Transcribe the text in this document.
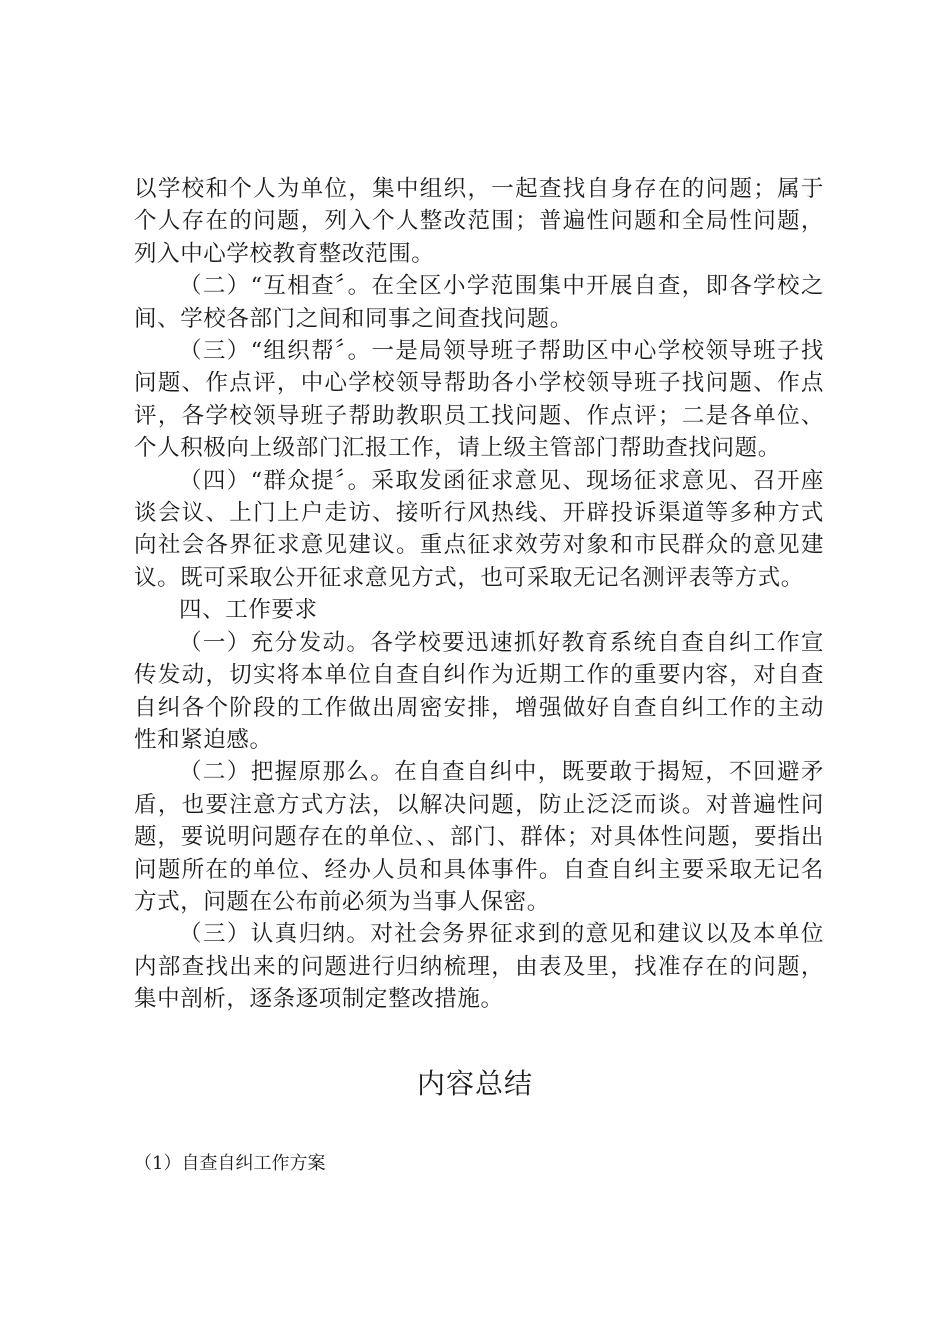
以学校和个人为单位，集中组织，一起查找自身存在的问题；属于个人存在的问题，列入个人整改范围；普遍性问题和全局性问题，列入中心学校教育整改范围。

（二）“互相查〞。在全区小学范围集中开展自查，即各学校之间、学校各部门之间和同事之间查找问题。

（三）“组织帮〞。一是局领导班子帮助区中心学校领导班子找问题、作点评，中心学校领导帮助各小学校领导班子找问题、作点评，各学校领导班子帮助教职员工找问题、作点评；二是各单位、个人积极向上级部门汇报工作，请上级主管部门帮助查找问题。

（四）“群众提〞。采取发函征求意见、现场征求意见、召开座谈会议、上门上户走访、接听行风热线、开辟投诉渠道等多种方式向社会各界征求意见建议。重点征求效劳对象和市民群众的意见建议。既可采取公开征求意见方式，也可采取无记名测评表等方式。

四、工作要求

（一）充分发动。各学校要迅速抓好教育系统自查自纠工作宣传发动，切实将本单位自查自纠作为近期工作的重要内容，对自查自纠各个阶段的工作做出周密安排，增强做好自查自纠工作的主动性和紧迫感。

（二）把握原那么。在自查自纠中，既要敢于揭短，不回避矛盾，也要注意方式方法，以解决问题，防止泛泛而谈。对普遍性问题，要说明问题存在的单位、、部门、群体；对具体性问题，要指出问题所在的单位、经办人员和具体事件。自查自纠主要采取无记名方式，问题在公布前必须为当事人保密。

（三）认真归纳。对社会务界征求到的意见和建议以及本单位内部查找出来的问题进行归纳梳理，由表及里，找准存在的问题，集中剖析，逐条逐项制定整改措施。

内容总结

（1）自查自纠工作方案
